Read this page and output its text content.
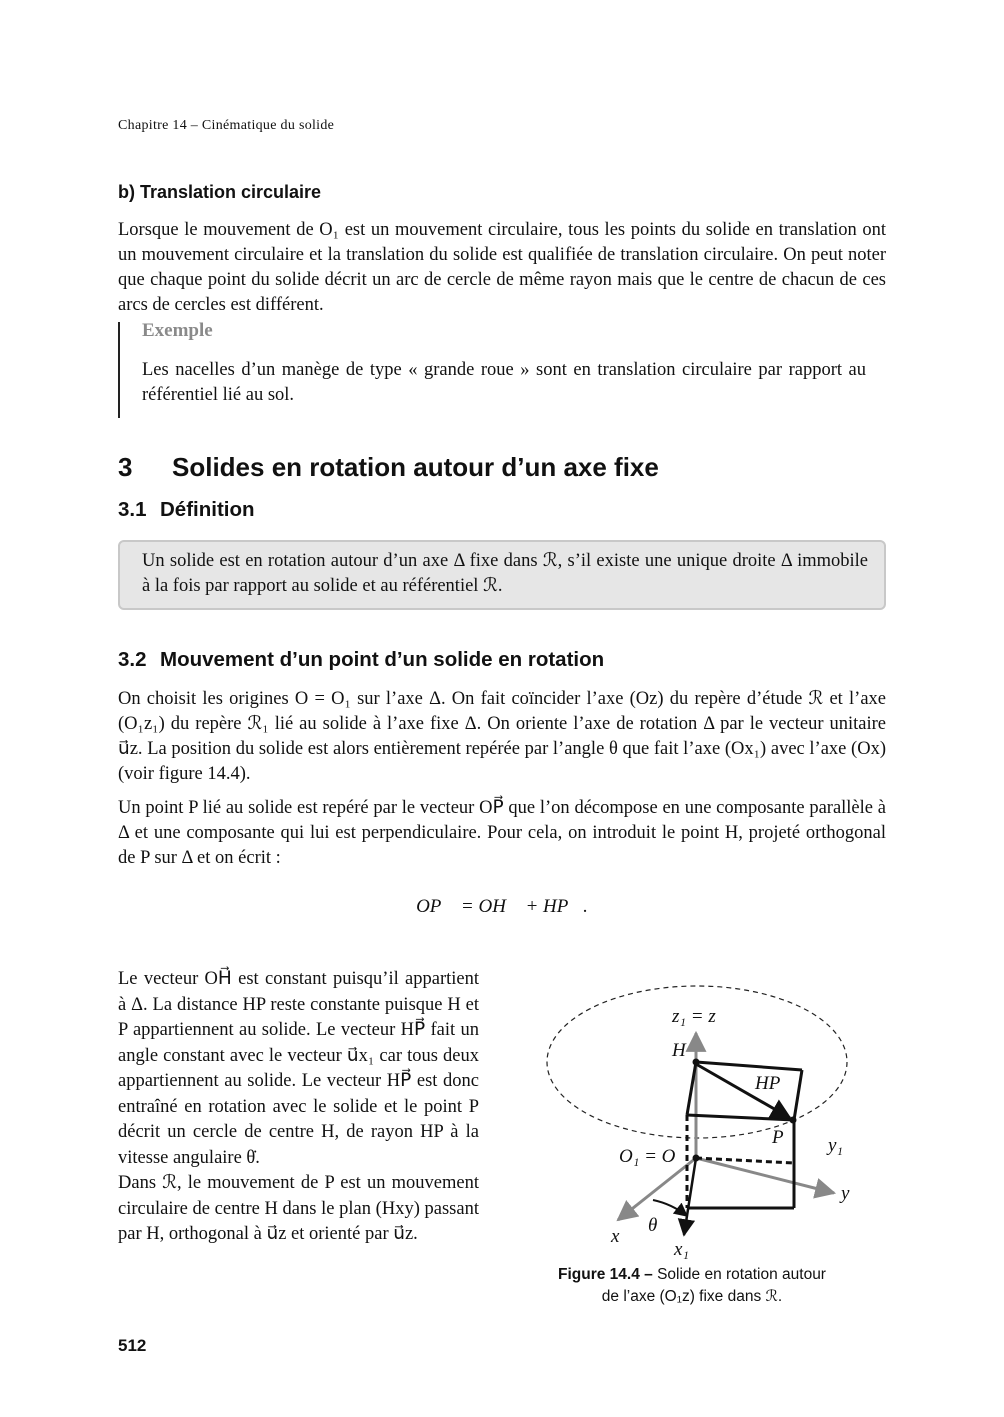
Chapitre 14 – Cinématique du solide
b) Translation circulaire
Lorsque le mouvement de O₁ est un mouvement circulaire, tous les points du solide en translation ont un mouvement circulaire et la translation du solide est qualifiée de translation circulaire. On peut noter que chaque point du solide décrit un arc de cercle de même rayon mais que le centre de chacun de ces arcs de cercles est différent.
Exemple
Les nacelles d’un manège de type « grande roue » sont en translation circulaire par rapport au référentiel lié au sol.
3 Solides en rotation autour d’un axe fixe
3.1 Définition
Un solide est en rotation autour d’un axe Δ fixe dans ℛ, s’il existe une unique droite Δ immobile à la fois par rapport au solide et au référentiel ℛ.
3.2 Mouvement d’un point d’un solide en rotation
On choisit les origines O = O₁ sur l’axe Δ. On fait coïncider l’axe (Oz) du repère d’étude ℛ et l’axe (O₁z₁) du repère ℛ₁ lié au solide à l’axe fixe Δ. On oriente l’axe de rotation Δ par le vecteur unitaire u⃗z. La position du solide est alors entièrement repérée par l’angle θ que fait l’axe (Ox₁) avec l’axe (Ox) (voir figure 14.4).
Un point P lié au solide est repéré par le vecteur OP⃗ que l’on décompose en une composante parallèle à Δ et une composante qui lui est perpendiculaire. Pour cela, on introduit le point H, projeté orthogonal de P sur Δ et on écrit :
OP⃗ = OH⃗ + HP⃗.
Le vecteur OH⃗ est constant puisqu’il appartient à Δ. La distance HP reste constante puisque H et P appartiennent au solide. Le vecteur HP⃗ fait un angle constant avec le vecteur u⃗x₁ car tous deux appartiennent au solide. Le vecteur HP⃗ est donc entraîné en rotation avec le solide et le point P décrit un cercle de centre H, de rayon HP à la vitesse angulaire θ̇.
Dans ℛ, le mouvement de P est un mouvement circulaire de centre H dans le plan (Hxy) passant par H, orthogonal à u⃗z et orienté par u⃗z.
z₁ = z
H
HP⃗
P y₁
O₁ = O
y
θ
x
x₁
Figure 14.4 – Solide en rotation autour de l’axe (O₁z) fixe dans ℛ.
512
